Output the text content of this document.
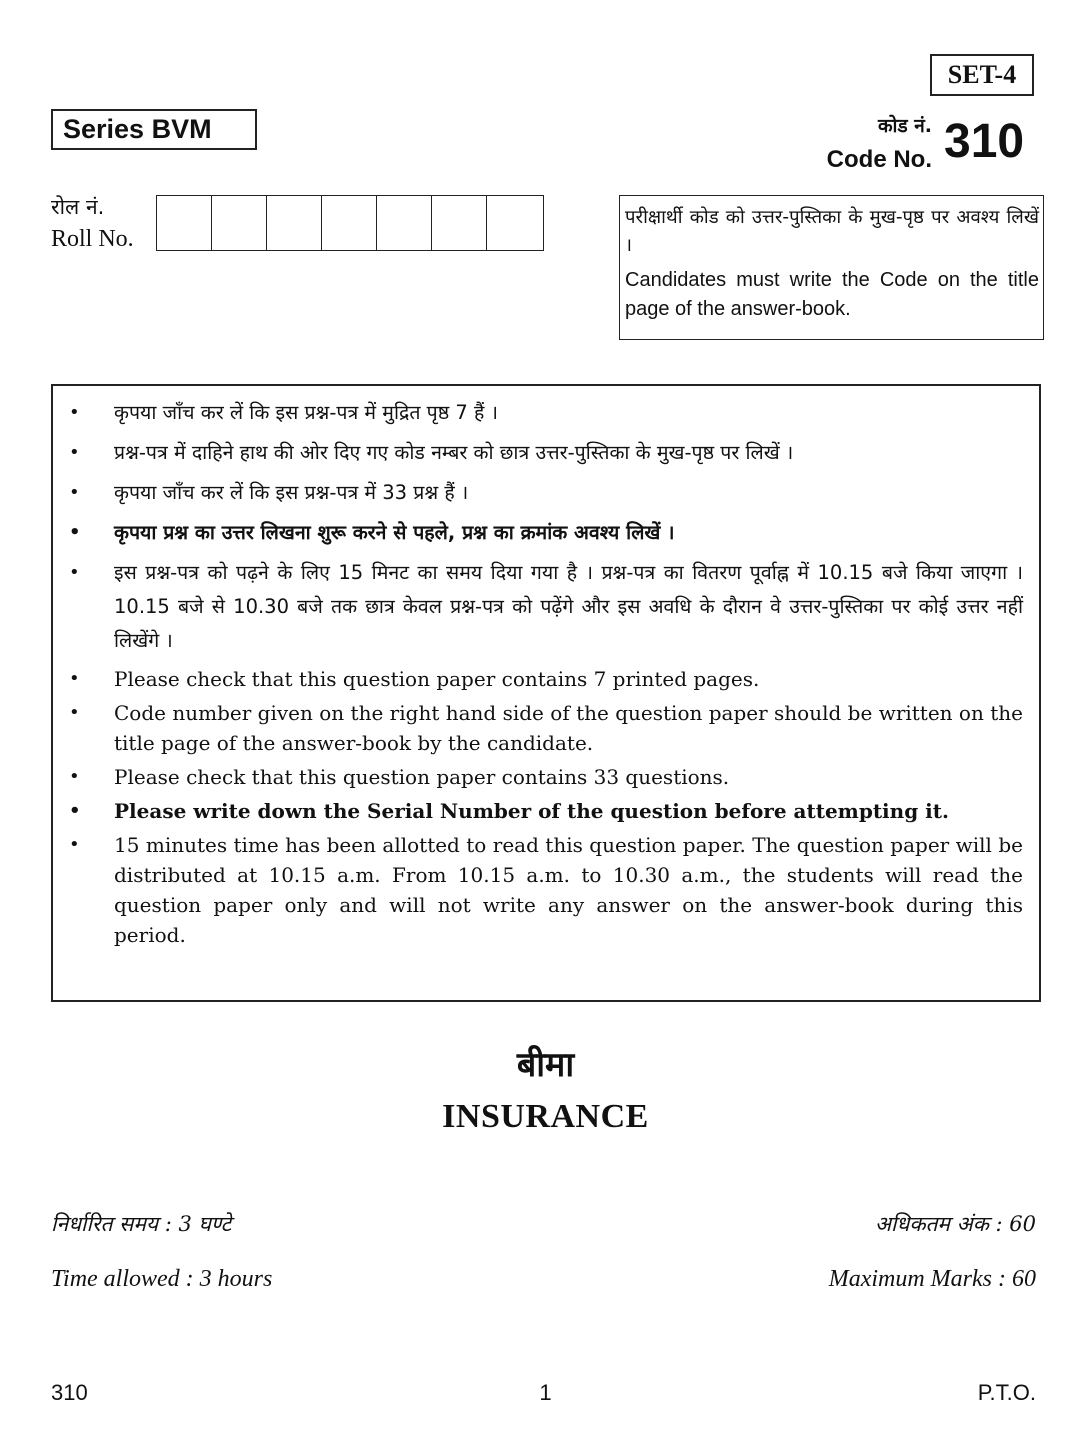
SET-4
Series BVM	कोड नं.
Code No. 310
रोल नं.
Roll No.
परीक्षार्थी कोड को उत्तर-पुस्तिका के मुख-पृष्ठ पर अवश्य लिखें ।
Candidates must write the Code on the title page of the answer-book.
• कृपया जाँच कर लें कि इस प्रश्न-पत्र में मुद्रित पृष्ठ 7 हैं ।
• प्रश्न-पत्र में दाहिने हाथ की ओर दिए गए कोड नम्बर को छात्र उत्तर-पुस्तिका के मुख-पृष्ठ पर लिखें ।
• कृपया जाँच कर लें कि इस प्रश्न-पत्र में 33 प्रश्न हैं ।
• कृपया प्रश्न का उत्तर लिखना शुरू करने से पहले, प्रश्न का क्रमांक अवश्य लिखें ।
• इस प्रश्न-पत्र को पढ़ने के लिए 15 मिनट का समय दिया गया है । प्रश्न-पत्र का वितरण पूर्वाह्न में 10.15 बजे किया जाएगा । 10.15 बजे से 10.30 बजे तक छात्र केवल प्रश्न-पत्र को पढ़ेंगे और इस अवधि के दौरान वे उत्तर-पुस्तिका पर कोई उत्तर नहीं लिखेंगे ।
• Please check that this question paper contains 7 printed pages.
• Code number given on the right hand side of the question paper should be written on the title page of the answer-book by the candidate.
• Please check that this question paper contains 33 questions.
• Please write down the Serial Number of the question before attempting it.
• 15 minutes time has been allotted to read this question paper. The question paper will be distributed at 10.15 a.m. From 10.15 a.m. to 10.30 a.m., the students will read the question paper only and will not write any answer on the answer-book during this period.
बीमा
INSURANCE
निर्धारित समय : 3 घण्टे
Time allowed : 3 hours
अधिकतम अंक : 60
Maximum Marks : 60
310	1	P.T.O.
